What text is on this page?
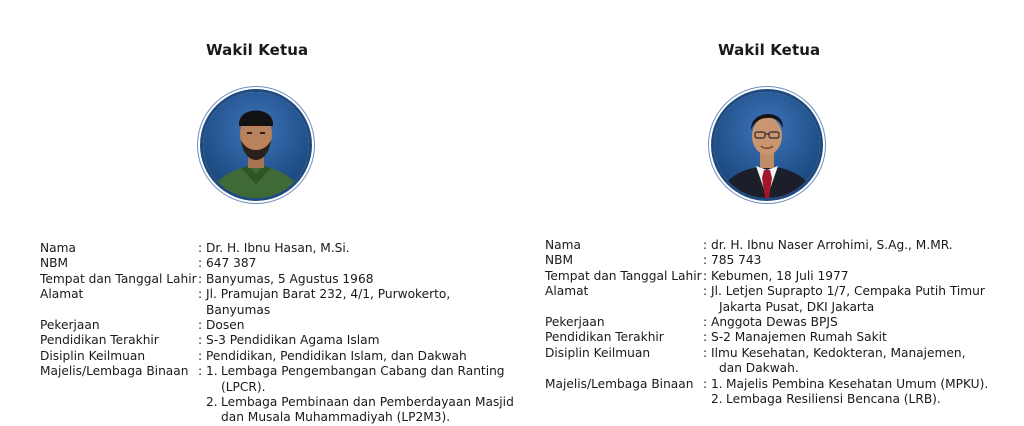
Wakil Ketua
Nama	: Dr. H. Ibnu Hasan, M.Si.
NBM	: 647 387
Tempat dan Tanggal Lahir : Banyumas, 5 Agustus 1968
Alamat	: Jl. Pramujan Barat 232, 4/1, Purwokerto, Banyumas
Pekerjaan	: Dosen
Pendidikan Terakhir	: S-3 Pendidikan Agama Islam
Disiplin Keilmuan	: Pendidikan, Pendidikan Islam, dan Dakwah
Majelis/Lembaga Binaan : 1. Lembaga Pengembangan Cabang dan Ranting
(LPCR).
2. Lembaga Pembinaan dan Pemberdayaan Masjid
dan Musala Muhammadiyah (LP2M3).
Wakil Ketua
Nama	: dr. H. Ibnu Naser Arrohimi, S.Ag., M.MR.
NBM	: 785 743
Tempat dan Tanggal Lahir : Kebumen, 18 Juli 1977
Alamat	: Jl. Letjen Suprapto 1/7, Cempaka Putih Timur
Jakarta Pusat, DKI Jakarta
Pekerjaan	: Anggota Dewas BPJS
Pendidikan Terakhir	: S-2 Manajemen Rumah Sakit
Disiplin Keilmuan	: Ilmu Kesehatan, Kedokteran, Manajemen,
dan Dakwah.
Majelis/Lembaga Binaan : 1. Majelis Pembina Kesehatan Umum (MPKU).
2. Lembaga Resiliensi Bencana (LRB).
